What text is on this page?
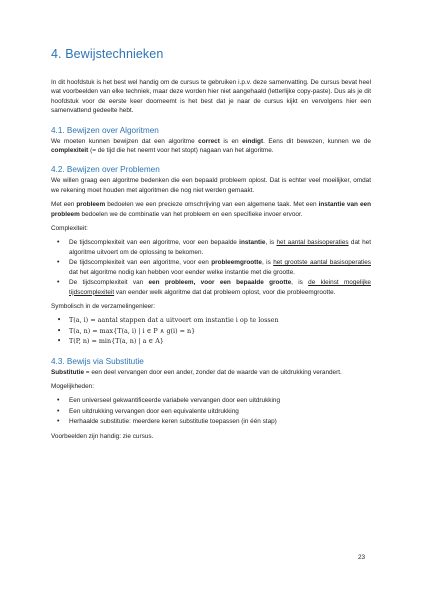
4. Bewijstechnieken

In dit hoofdstuk is het best wel handig om de cursus te gebruiken i.p.v. deze samenvatting. De cursus bevat heel wat voorbeelden van elke techniek, maar deze worden hier niet aangehaald (letterlijke copy-paste). Dus als je dit hoofdstuk voor de eerste keer doorneemt is het best dat je naar de cursus kijkt en vervolgens hier een samenvattend gedeelte hebt.

4.1. Bewijzen over Algoritmen

We moeten kunnen bewijzen dat een algoritme correct is en eindigt. Eens dit bewezen, kunnen we de complexiteit (= de tijd die het neemt voor het stopt) nagaan van het algoritme.

4.2. Bewijzen over Problemen

We willen graag een algoritme bedenken die een bepaald probleem oplost. Dat is echter veel moeilijker, omdat we rekening moet houden met algoritmen die nog niet werden gemaakt.

Met een probleem bedoelen we een precieze omschrijving van een algemene taak. Met een instantie van een probleem bedoelen we de combinatie van het probleem en een specifieke invoer ervoor.

Complexiteit:

• De tijdscomplexiteit van een algoritme, voor een bepaalde instantie, is het aantal basisoperaties dat het algoritme uitvoert om de oplossing te bekomen.
• De tijdscomplexiteit van een algoritme, voor een probleemgrootte, is het grootste aantal basisoperaties dat het algoritme nodig kan hebben voor eender welke instantie met die grootte.
• De tijdscomplexiteit van een probleem, voor een bepaalde grootte, is de kleinst mogelijke tijdscomplexiteit van eender welk algoritme dat dat probleem oplost, voor die probleemgrootte.

Symbolisch in de verzamelingenleer:

• T(a, i) = aantal stappen dat a uitvoert om instantie i op te lossen
• T(a, n) = max{T(a, i) | i ∈ P ∧ g(i) = n}
• T(P, n) = min{T(a, n) | a ∈ A}
4.3. Bewijs via Substitutie

Substitutie = een deel vervangen door een ander, zonder dat de waarde van de uitdrukking verandert.

Mogelijkheden:

• Een universeel gekwantificeerde variabele vervangen door een uitdrukking
• Een uitdrukking vervangen door een equivalente uitdrukking
• Herhaalde substitutie: meerdere keren substitutie toepassen (in één stap)

Voorbeelden zijn handig: zie cursus.

23
